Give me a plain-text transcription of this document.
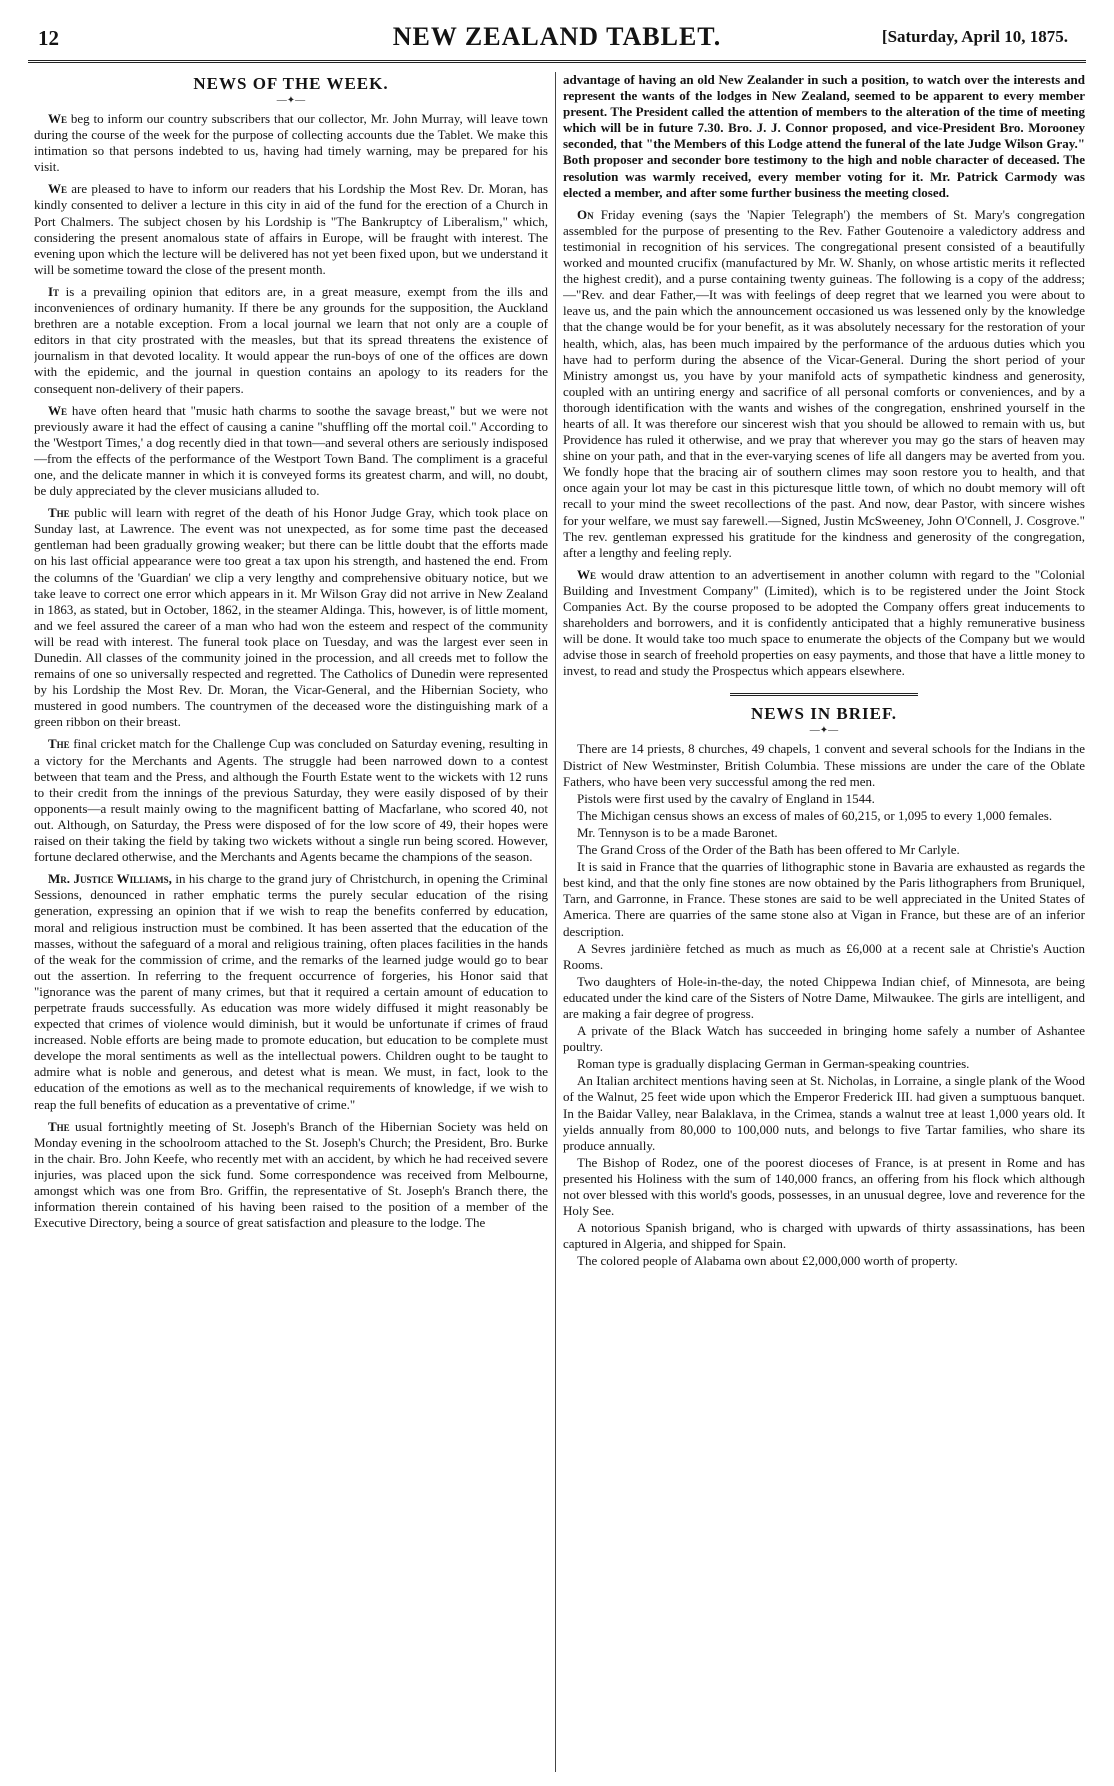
12	NEW ZEALAND TABLET.	[Saturday, April 10, 1875.
NEWS OF THE WEEK.
—✦—

We beg to inform our country subscribers that our collector, Mr. John Murray, will leave town during the course of the week for the purpose of collecting accounts due the Tablet. We make this intimation so that persons indebted to us, having had timely warning, may be prepared for his visit.

We are pleased to have to inform our readers that his Lordship the Most Rev. Dr. Moran, has kindly consented to deliver a lecture in this city in aid of the fund for the erection of a Church in Port Chalmers. The subject chosen by his Lordship is "The Bankruptcy of Liberalism," which, considering the present anomalous state of affairs in Europe, will be fraught with interest. The evening upon which the lecture will be delivered has not yet been fixed upon, but we understand it will be sometime toward the close of the present month.

It is a prevailing opinion that editors are, in a great measure, exempt from the ills and inconveniences of ordinary humanity. If there be any grounds for the supposition, the Auckland brethren are a notable exception. From a local journal we learn that not only are a couple of editors in that city prostrated with the measles, but that its spread threatens the existence of journalism in that devoted locality. It would appear the run-boys of one of the offices are down with the epidemic, and the journal in question contains an apology to its readers for the consequent non-delivery of their papers.

We have often heard that "music hath charms to soothe the savage breast," but we were not previously aware it had the effect of causing a canine "shuffling off the mortal coil." According to the 'Westport Times,' a dog recently died in that town—and several others are seriously indisposed—from the effects of the performance of the Westport Town Band. The compliment is a graceful one, and the delicate manner in which it is conveyed forms its greatest charm, and will, no doubt, be duly appreciated by the clever musicians alluded to.

The public will learn with regret of the death of his Honor Judge Gray, which took place on Sunday last, at Lawrence. The event was not unexpected, as for some time past the deceased gentleman had been gradually growing weaker; but there can be little doubt that the efforts made on his last official appearance were too great a tax upon his strength, and hastened the end. From the columns of the 'Guardian' we clip a very lengthy and comprehensive obituary notice, but we take leave to correct one error which appears in it. Mr Wilson Gray did not arrive in New Zealand in 1863, as stated, but in October, 1862, in the steamer Aldinga. This, however, is of little moment, and we feel assured the career of a man who had won the esteem and respect of the community will be read with interest. The funeral took place on Tuesday, and was the largest ever seen in Dunedin. All classes of the community joined in the procession, and all creeds met to follow the remains of one so universally respected and regretted. The Catholics of Dunedin were represented by his Lordship the Most Rev. Dr. Moran, the Vicar-General, and the Hibernian Society, who mustered in good numbers. The countrymen of the deceased wore the distinguishing mark of a green ribbon on their breast.

The final cricket match for the Challenge Cup was concluded on Saturday evening, resulting in a victory for the Merchants and Agents. The struggle had been narrowed down to a contest between that team and the Press, and although the Fourth Estate went to the wickets with 12 runs to their credit from the innings of the previous Saturday, they were easily disposed of by their opponents—a result mainly owing to the magnificent batting of Macfarlane, who scored 40, not out. Although, on Saturday, the Press were disposed of for the low score of 49, their hopes were raised on their taking the field by taking two wickets without a single run being scored. However, fortune declared otherwise, and the Merchants and Agents became the champions of the season.

Mr. Justice Williams, in his charge to the grand jury of Christchurch, in opening the Criminal Sessions, denounced in rather emphatic terms the purely secular education of the rising generation, expressing an opinion that if we wish to reap the benefits conferred by education, moral and religious instruction must be combined. It has been asserted that the education of the masses, without the safeguard of a moral and religious training, often places facilities in the hands of the weak for the commission of crime, and the remarks of the learned judge would go to bear out the assertion. In referring to the frequent occurrence of forgeries, his Honor said that "ignorance was the parent of many crimes, but that it required a certain amount of education to perpetrate frauds successfully. As education was more widely diffused it might reasonably be expected that crimes of violence would diminish, but it would be unfortunate if crimes of fraud increased. Noble efforts are being made to promote education, but education to be complete must develope the moral sentiments as well as the intellectual powers. Children ought to be taught to admire what is noble and generous, and detest what is mean. We must, in fact, look to the education of the emotions as well as to the mechanical requirements of knowledge, if we wish to reap the full benefits of education as a preventative of crime."

The usual fortnightly meeting of St. Joseph's Branch of the Hibernian Society was held on Monday evening in the schoolroom attached to the St. Joseph's Church; the President, Bro. Burke in the chair. Bro. John Keefe, who recently met with an accident, by which he had received severe injuries, was placed upon the sick fund. Some correspondence was received from Melbourne, amongst which was one from Bro. Griffin, the representative of St. Joseph's Branch there, the information therein contained of his having been raised to the position of a member of the Executive Directory, being a source of great satisfaction and pleasure to the lodge. The

advantage of having an old New Zealander in such a position, to watch over the interests and represent the wants of the lodges in New Zealand, seemed to be apparent to every member present. The President called the attention of members to the alteration of the time of meeting which will be in future 7.30. Bro. J. J. Connor proposed, and vice-President Bro. Morooney seconded, that "the Members of this Lodge attend the funeral of the late Judge Wilson Gray." Both proposer and seconder bore testimony to the high and noble character of deceased. The resolution was warmly received, every member voting for it. Mr. Patrick Carmody was elected a member, and after some further business the meeting closed.

On Friday evening (says the 'Napier Telegraph') the members of St. Mary's congregation assembled for the purpose of presenting to the Rev. Father Goutenoire a valedictory address and testimonial in recognition of his services. The congregational present consisted of a beautifully worked and mounted crucifix (manufactured by Mr. W. Shanly, on whose artistic merits it reflected the highest credit), and a purse containing twenty guineas. The following is a copy of the address;—"Rev. and dear Father,—It was with feelings of deep regret that we learned you were about to leave us, and the pain which the announcement occasioned us was lessened only by the knowledge that the change would be for your benefit, as it was absolutely necessary for the restoration of your health, which, alas, has been much impaired by the performance of the arduous duties which you have had to perform during the absence of the Vicar-General. During the short period of your Ministry amongst us, you have by your manifold acts of sympathetic kindness and generosity, coupled with an untiring energy and sacrifice of all personal comforts or conveniences, and by a thorough identification with the wants and wishes of the congregation, enshrined yourself in the hearts of all. It was therefore our sincerest wish that you should be allowed to remain with us, but Providence has ruled it otherwise, and we pray that wherever you may go the stars of heaven may shine on your path, and that in the ever-varying scenes of life all dangers may be averted from you. We fondly hope that the bracing air of southern climes may soon restore you to health, and that once again your lot may be cast in this picturesque little town, of which no doubt memory will oft recall to your mind the sweet recollections of the past. And now, dear Pastor, with sincere wishes for your welfare, we must say farewell.—Signed, Justin McSweeney, John O'Connell, J. Cosgrove." The rev. gentleman expressed his gratitude for the kindness and generosity of the congregation, after a lengthy and feeling reply.

We would draw attention to an advertisement in another column with regard to the "Colonial Building and Investment Company" (Limited), which is to be registered under the Joint Stock Companies Act. By the course proposed to be adopted the Company offers great inducements to shareholders and borrowers, and it is confidently anticipated that a highly remunerative business will be done. It would take too much space to enumerate the objects of the Company but we would advise those in search of freehold properties on easy payments, and those that have a little money to invest, to read and study the Prospectus which appears elsewhere.

NEWS IN BRIEF.
—✦—

There are 14 priests, 8 churches, 49 chapels, 1 convent and several schools for the Indians in the District of New Westminster, British Columbia. These missions are under the care of the Oblate Fathers, who have been very successful among the red men.

Pistols were first used by the cavalry of England in 1544.

The Michigan census shows an excess of males of 60,215, or 1,095 to every 1,000 females.

Mr. Tennyson is to be a made Baronet.

The Grand Cross of the Order of the Bath has been offered to Mr Carlyle.

It is said in France that the quarries of lithographic stone in Bavaria are exhausted as regards the best kind, and that the only fine stones are now obtained by the Paris lithographers from Bruniquel, Tarn, and Garronne, in France. These stones are said to be well appreciated in the United States of America. There are quarries of the same stone also at Vigan in France, but these are of an inferior description.

A Sevres jardinière fetched as much as much as £6,000 at a recent sale at Christie's Auction Rooms.

Two daughters of Hole-in-the-day, the noted Chippewa Indian chief, of Minnesota, are being educated under the kind care of the Sisters of Notre Dame, Milwaukee. The girls are intelligent, and are making a fair degree of progress.

A private of the Black Watch has succeeded in bringing home safely a number of Ashantee poultry.

Roman type is gradually displacing German in German-speaking countries.

An Italian architect mentions having seen at St. Nicholas, in Lorraine, a single plank of the Wood of the Walnut, 25 feet wide upon which the Emperor Frederick III. had given a sumptuous banquet. In the Baidar Valley, near Balaklava, in the Crimea, stands a walnut tree at least 1,000 years old. It yields annually from 80,000 to 100,000 nuts, and belongs to five Tartar families, who share its produce annually.

The Bishop of Rodez, one of the poorest dioceses of France, is at present in Rome and has presented his Holiness with the sum of 140,000 francs, an offering from his flock which although not over blessed with this world's goods, possesses, in an unusual degree, love and reverence for the Holy See.

A notorious Spanish brigand, who is charged with upwards of thirty assassinations, has been captured in Algeria, and shipped for Spain.

The colored people of Alabama own about £2,000,000 worth of property.
